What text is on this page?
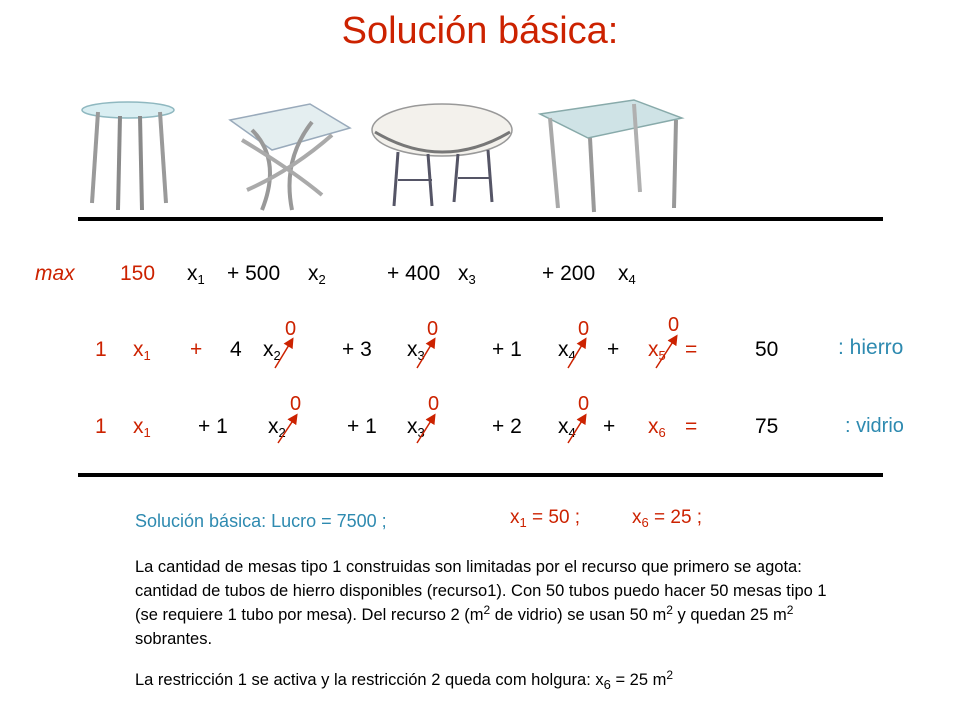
Solución básica:
max 150 $x_1 + 500$ $x_2$	+ 400 $x_3$	+ 200 $x_4$
1 $x_1 + 4$ $x_2$	+ 3 $x_3$	+ 1 $x_4 + x_5$ =	50	: hierro
0	0	0	0
1 $x_1 + 1$ $x_2$	+ 1 $x_3$	+ 2 $x_4 + x_6$ =	75	: vidrio
0	0	0
Solución básica: Lucro = 7500 ;	$x_1 = 50$ ;	$x_6 = 25$ ;
La cantidad de mesas tipo 1 construidas son limitadas por el recurso que primero se agota: cantidad de tubos de hierro disponibles (recurso1). Con 50 tubos puedo hacer 50 mesas tipo 1 (se requiere 1 tubo por mesa). Del recurso 2 ($m^2$ de vidrio) se usan 50 $m^2$ y quedan 25 $m^2$ sobrantes.
La restricción 1 se activa y la restricción 2 queda com holgura: $x_6 = 25$ $m^2$
